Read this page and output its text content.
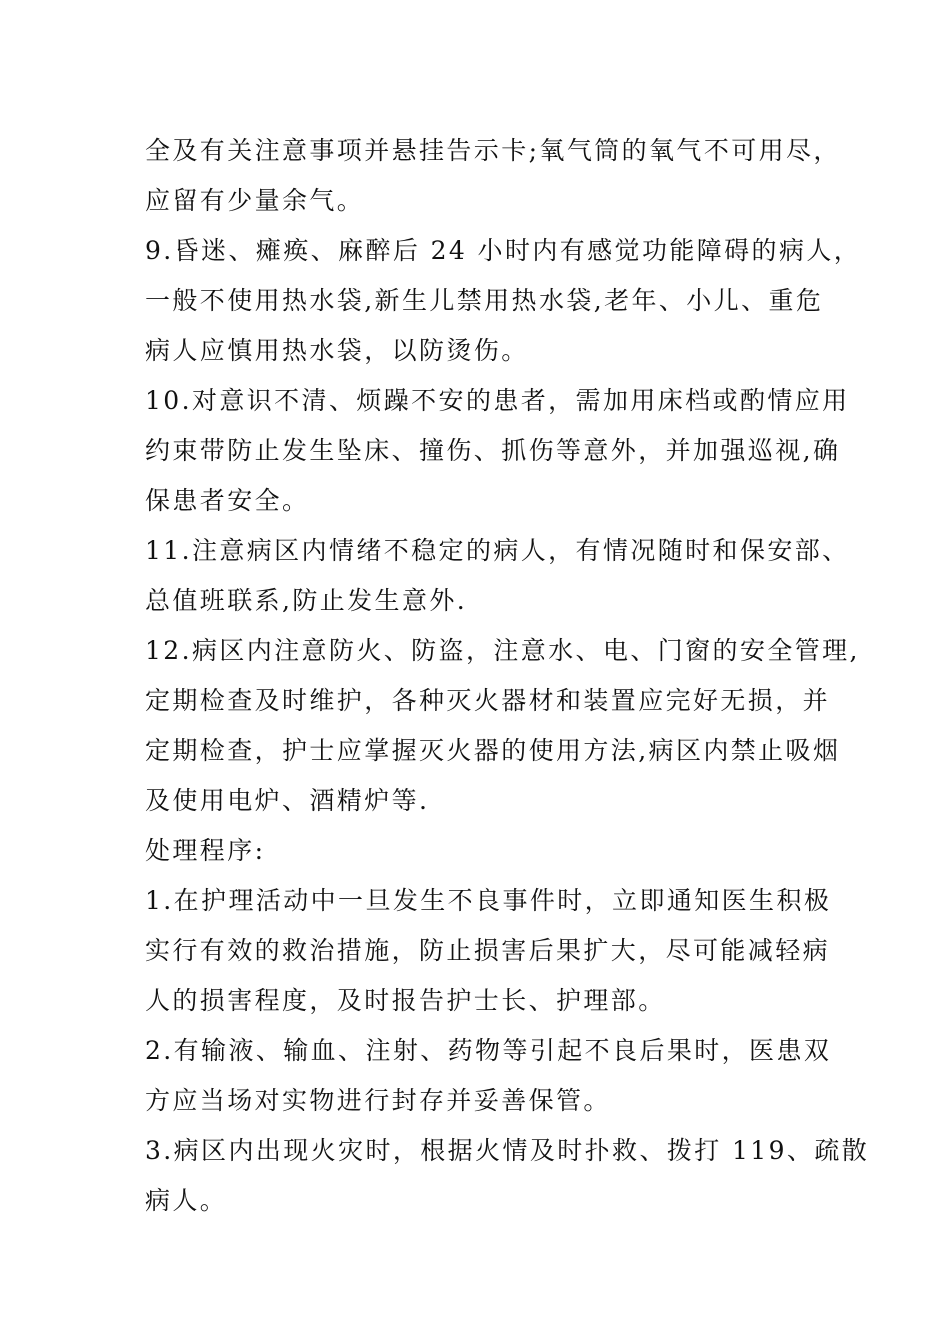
全及有关注意事项并悬挂告示卡;氧气筒的氧气不可用尽，
应留有少量余气。
9.昏迷、瘫痪、麻醉后 24 小时内有感觉功能障碍的病人，
一般不使用热水袋,新生儿禁用热水袋,老年、小儿、重危
病人应慎用热水袋，以防烫伤。
10.对意识不清、烦躁不安的患者，需加用床档或酌情应用
约束带防止发生坠床、撞伤、抓伤等意外，并加强巡视,确
保患者安全。
11.注意病区内情绪不稳定的病人，有情况随时和保安部、
总值班联系,防止发生意外.
12.病区内注意防火、防盗，注意水、电、门窗的安全管理,
定期检查及时维护，各种灭火器材和装置应完好无损，并
定期检查，护士应掌握灭火器的使用方法,病区内禁止吸烟
及使用电炉、酒精炉等.
处理程序:
1.在护理活动中一旦发生不良事件时，立即通知医生积极
实行有效的救治措施，防止损害后果扩大，尽可能减轻病
人的损害程度，及时报告护士长、护理部。
2.有输液、输血、注射、药物等引起不良后果时，医患双
方应当场对实物进行封存并妥善保管。
3.病区内出现火灾时，根据火情及时扑救、拨打 119、疏散
病人。
